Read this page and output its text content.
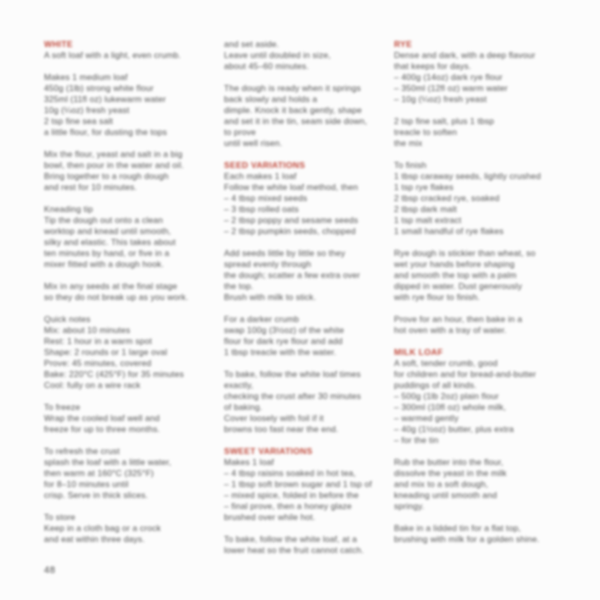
WHITE
A soft loaf with a light, even crumb.
Makes 1 medium loaf
450g (1lb) strong white flour
325ml (11fl oz) lukewarm water
10g (¼oz) fresh yeast
2 tsp fine sea salt
a little flour, for dusting the tops
Mix the flour, yeast and salt in a big
bowl, then pour in the water and oil.
Bring together to a rough dough
and rest for 10 minutes.
Kneading tip
Tip the dough out onto a clean
worktop and knead until smooth,
silky and elastic. This takes about
ten minutes by hand, or five in a
mixer fitted with a dough hook.
Mix in any seeds at the final stage
so they do not break up as you work.
Quick notes
Mix: about 10 minutes
Rest: 1 hour in a warm spot
Shape: 2 rounds or 1 large oval
Prove: 45 minutes, covered
Bake: 220°C (425°F) for 35 minutes
Cool: fully on a wire rack
To freeze
Wrap the cooled loaf well and
freeze for up to three months.
To refresh the crust
splash the loaf with a little water,
then warm at 160°C (325°F)
for 8–10 minutes until
crisp. Serve in thick slices.
To store
Keep in a cloth bag or a crock
and eat within three days.
and set aside.
Leave until doubled in size,
about 45–60 minutes.
The dough is ready when it springs
back slowly and holds a
dimple. Knock it back gently, shape
and set it in the tin, seam side down,
to prove
until well risen.
SEED VARIATIONS
Each makes 1 loaf
Follow the white loaf method, then
– 4 tbsp mixed seeds
– 3 tbsp rolled oats
– 2 tbsp poppy and sesame seeds
– 2 tbsp pumpkin seeds, chopped
Add seeds little by little so they
spread evenly through
the dough; scatter a few extra over
the top.
Brush with milk to stick.
For a darker crumb
swap 100g (3½oz) of the white
flour for dark rye flour and add
1 tbsp treacle with the water.
To bake, follow the white loaf times
exactly,
checking the crust after 30 minutes
of baking.
Cover loosely with foil if it
browns too fast near the end.
SWEET VARIATIONS
Makes 1 loaf
– 4 tbsp raisins soaked in hot tea,
– 1 tbsp soft brown sugar and 1 tsp of
– mixed spice, folded in before the
– final prove, then a honey glaze
brushed over while hot.
To bake, follow the white loaf, at a
lower heat so the fruit cannot catch.
RYE
Dense and dark, with a deep flavour
that keeps for days.
– 400g (14oz) dark rye flour
– 350ml (12fl oz) warm water
– 10g (¼oz) fresh yeast
2 tsp fine salt, plus 1 tbsp
treacle to soften
the mix
To finish
1 tbsp caraway seeds, lightly crushed
1 tsp rye flakes
2 tbsp cracked rye, soaked
2 tbsp dark malt
1 tsp malt extract
1 small handful of rye flakes
Rye dough is stickier than wheat, so
wet your hands before shaping
and smooth the top with a palm
dipped in water. Dust generously
with rye flour to finish.
Prove for an hour, then bake in a
hot oven with a tray of water.
MILK LOAF
A soft, tender crumb, good
for children and for bread-and-butter
puddings of all kinds.
– 500g (1lb 2oz) plain flour
– 300ml (10fl oz) whole milk,
– warmed gently
– 40g (1½oz) butter, plus extra
– for the tin
Rub the butter into the flour,
dissolve the yeast in the milk
and mix to a soft dough,
kneading until smooth and
springy.
Bake in a lidded tin for a flat top,
brushing with milk for a golden shine.
48
